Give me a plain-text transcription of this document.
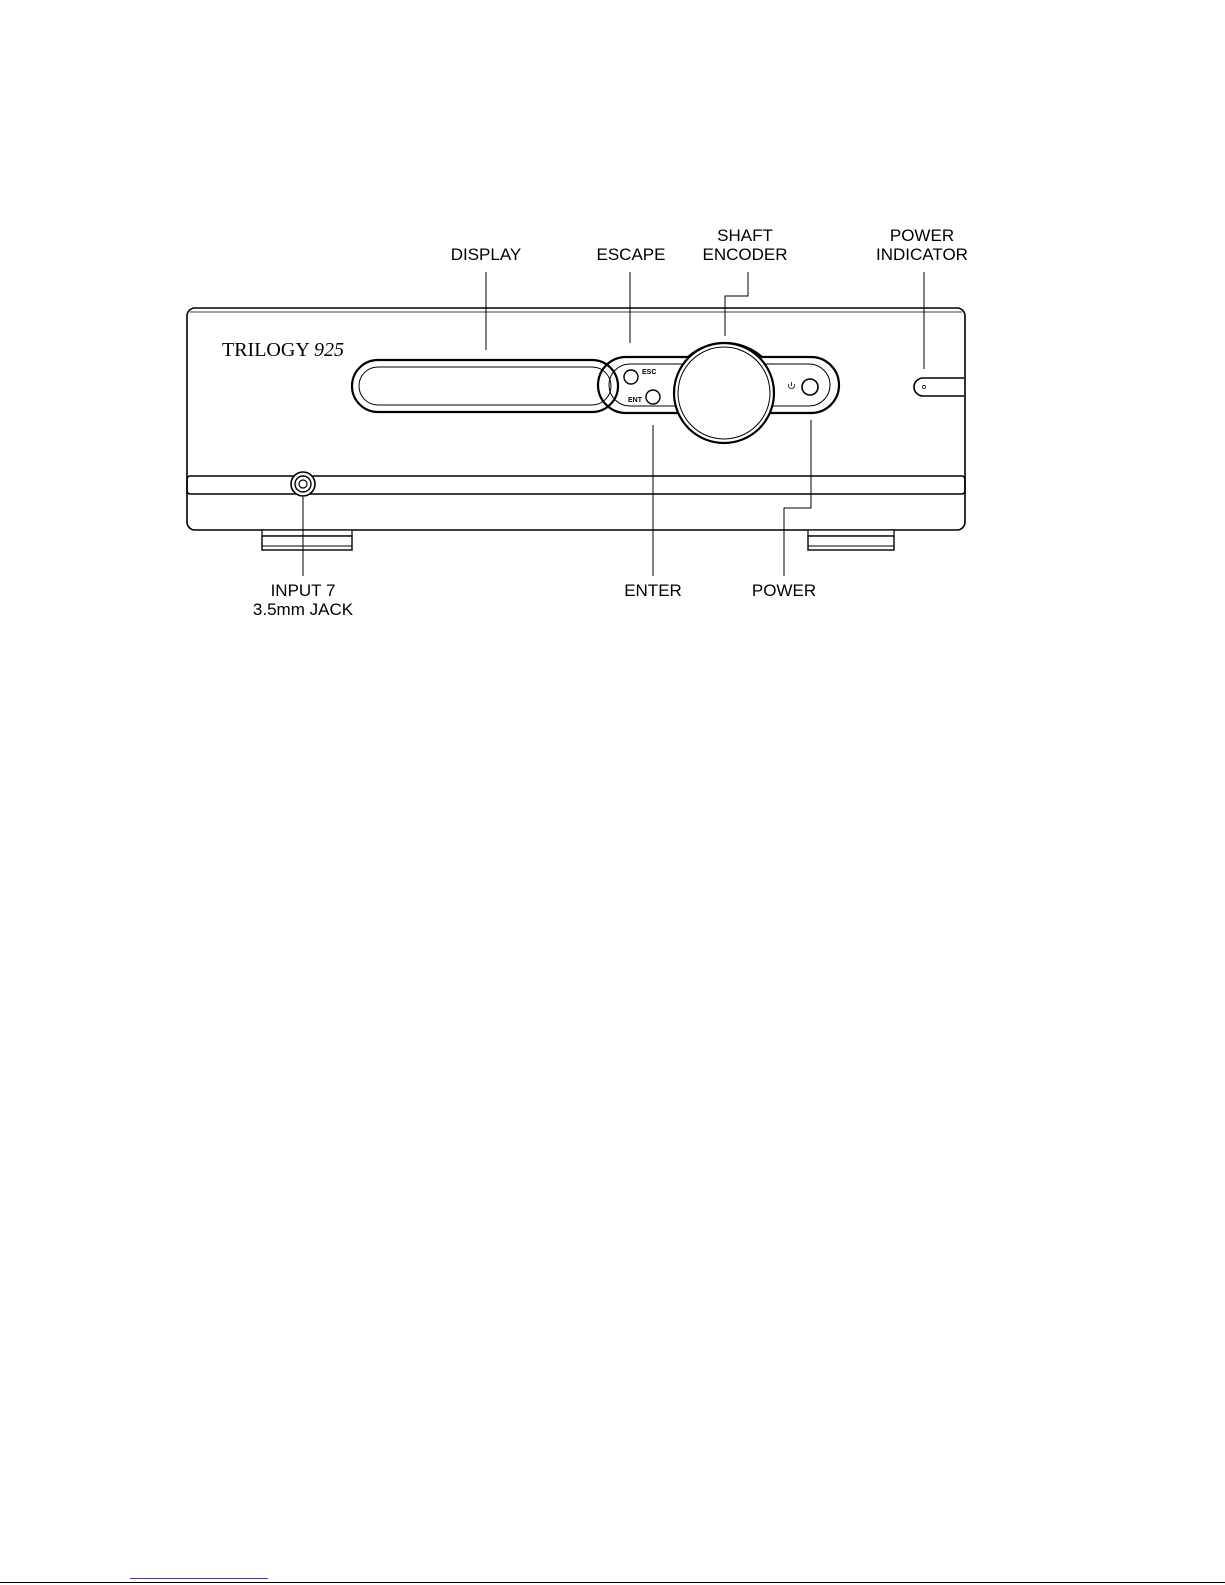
TRILOGY 925
ESC
ENT
DISPLAY	ESCAPE
SHAFT
ENCODER
POWER
INDICATOR
INPUT 7
3.5mm JACK
ENTER	POWER
